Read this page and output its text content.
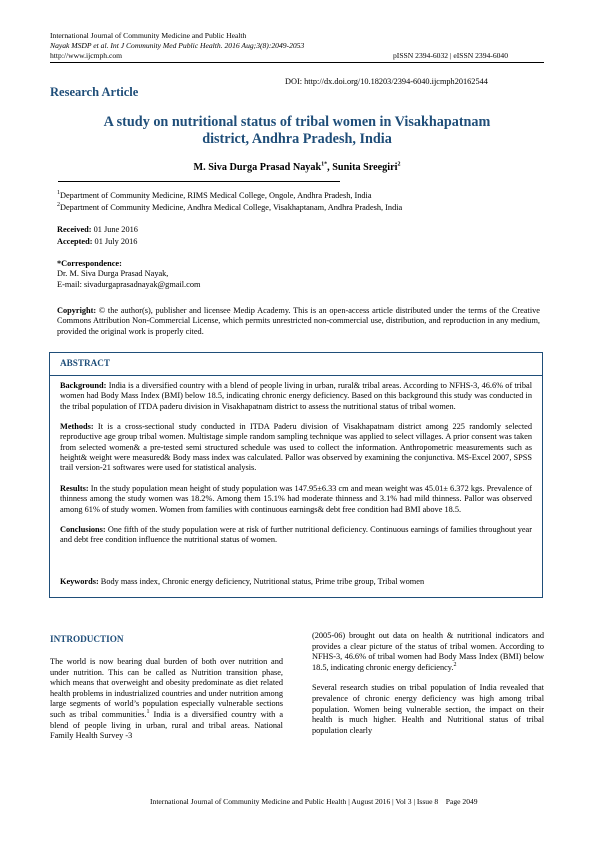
International Journal of Community Medicine and Public Health
Nayak MSDP et al. Int J Community Med Public Health. 2016 Aug;3(8):2049-2053
http://www.ijcmph.com	pISSN 2394-6032 | eISSN 2394-6040
DOI: http://dx.doi.org/10.18203/2394-6040.ijcmph20162544
Research Article
A study on nutritional status of tribal women in Visakhapatnam
district, Andhra Pradesh, India
M. Siva Durga Prasad Nayak$^{1*}$, Sunita Sreegiri$^2$
$^1$Department of Community Medicine, RIMS Medical College, Ongole, Andhra Pradesh, India
$^2$Department of Community Medicine, Andhra Medical College, Visakhaptanam, Andhra Pradesh, India
Received: 01 June 2016
Accepted: 01 July 2016
*Correspondence:
Dr. M. Siva Durga Prasad Nayak,
E-mail: sivadurgaprasadnayak@gmail.com
Copyright: © the author(s), publisher and licensee Medip Academy. This is an open-access article distributed under the terms of the Creative Commons Attribution Non-Commercial License, which permits unrestricted non-commercial use, distribution, and reproduction in any medium, provided the original work is properly cited.
ABSTRACT
Background: India is a diversified country with a blend of people living in urban, rural& tribal areas. According to NFHS-3, 46.6% of tribal women had Body Mass Index (BMI) below 18.5, indicating chronic energy deficiency. Based on this background this study was conducted in the tribal population of ITDA paderu division in Visakhapatnam district to assess the nutritional status of tribal women.
Methods: It is a cross-sectional study conducted in ITDA Paderu division of Visakhapatnam district among 225 randomly selected reproductive age group tribal women. Multistage simple random sampling technique was applied to select villages. A prior consent was taken from selected women& a pre-tested semi structured schedule was used to collect the information. Anthropometric measurements such as height& weight were measured& Body mass index was calculated. Pallor was observed by examining the conjunctiva. MS-Excel 2007, SPSS trail version-21 softwares were used for statistical analysis.
Results: In the study population mean height of study population was 147.95±6.33 cm and mean weight was 45.01± 6.372 kgs. Prevalence of thinness among the study women was 18.2%. Among them 15.1% had moderate thinness and 3.1% had mild thinness. Pallor was observed among 61% of study women. Women from families with continuous earnings& debt free condition had BMI above 18.5.
Conclusions: One fifth of the study population were at risk of further nutritional deficiency. Continuous earnings of families throughout year and debt free condition influence the nutritional status of women.
Keywords: Body mass index, Chronic energy deficiency, Nutritional status, Prime tribe group, Tribal women
INTRODUCTION

The world is now bearing dual burden of both over nutrition and under nutrition. This can be called as Nutrition transition phase, which means that overweight and obesity predominate as diet related health problems in industrialized countries and under nutrition among large segments of world’s population especially vulnerable sections such as tribal communities.$^1$ India is a diversified country with a blend of people living in urban, rural and tribal areas. National Family Health Survey -3

(2005-06) brought out data on health & nutritional indicators and provides a clear picture of the status of tribal women. According to NFHS-3, 46.6% of tribal women had Body Mass Index (BMI) below 18.5, indicating chronic energy deficiency.$^2$

Several research studies on tribal population of India revealed that prevalence of chronic energy deficiency was high among tribal population. Women being vulnerable section, the impact on their health is much higher. Health and Nutritional status of tribal population clearly

International Journal of Community Medicine and Public Health | August 2016 | Vol 3 | Issue 8    Page 2049
